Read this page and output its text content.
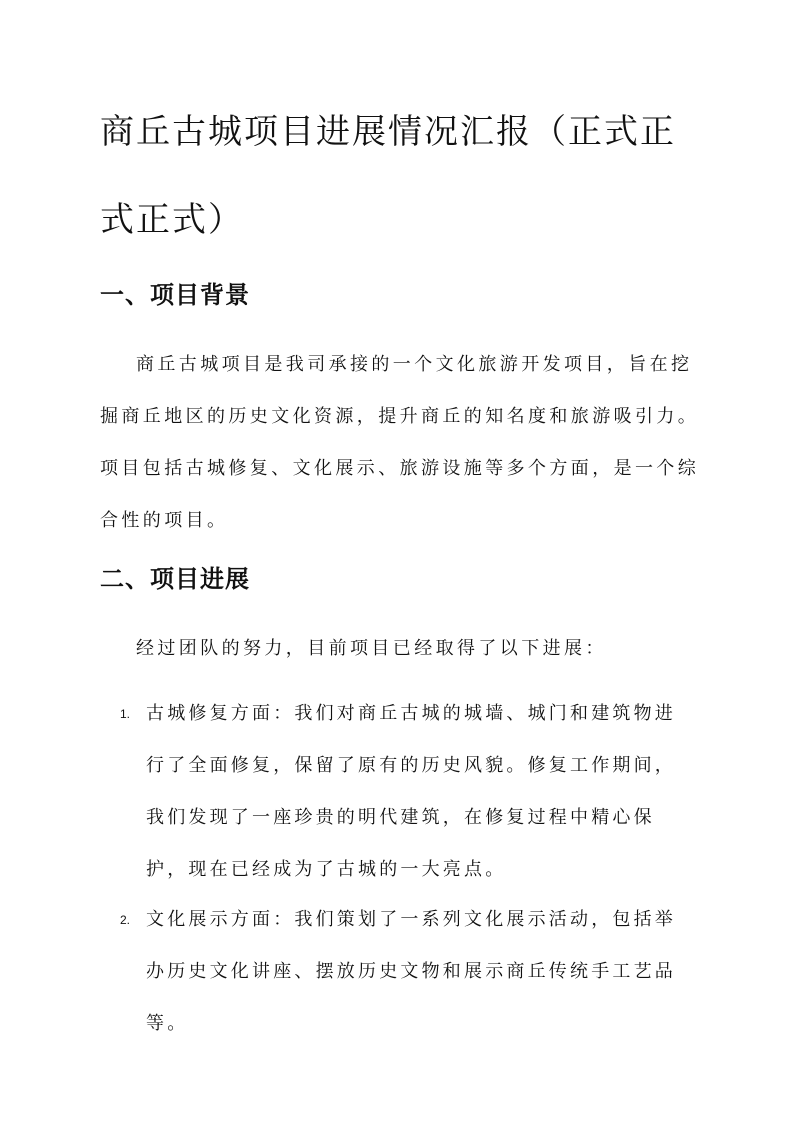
商丘古城项目进展情况汇报（正式正式正式）
一、项目背景

商丘古城项目是我司承接的一个文化旅游开发项目，旨在挖掘商丘地区的历史文化资源，提升商丘的知名度和旅游吸引力。项目包括古城修复、文化展示、旅游设施等多个方面，是一个综合性的项目。

二、项目进展

经过团队的努力，目前项目已经取得了以下进展：

1. 古城修复方面：我们对商丘古城的城墙、城门和建筑物进行了全面修复，保留了原有的历史风貌。修复工作期间，我们发现了一座珍贵的明代建筑，在修复过程中精心保护，现在已经成为了古城的一大亮点。

2. 文化展示方面：我们策划了一系列文化展示活动，包括举办历史文化讲座、摆放历史文物和展示商丘传统手工艺品等。
